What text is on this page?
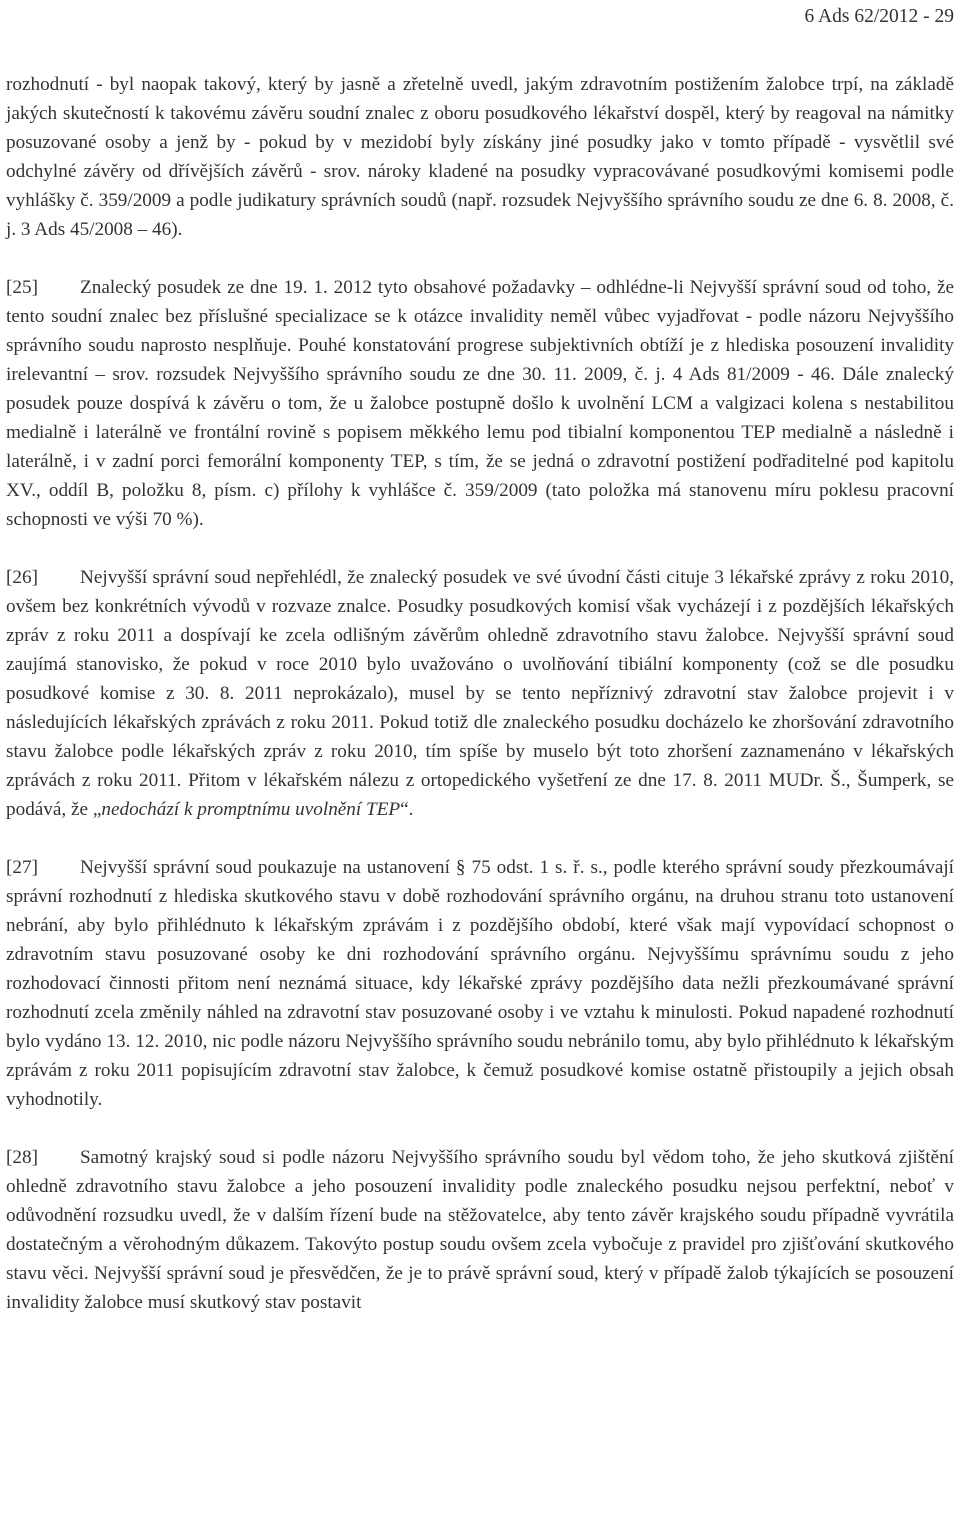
6 Ads 62/2012 - 29

rozhodnutí - byl naopak takový, který by jasně a zřetelně uvedl, jakým zdravotním postižením žalobce trpí, na základě jakých skutečností k takovému závěru soudní znalec z oboru posudkového lékařství dospěl, který by reagoval na námitky posuzované osoby a jenž by - pokud by v mezidobí byly získány jiné posudky jako v tomto případě - vysvětlil své odchylné závěry od dřívějších závěrů - srov. nároky kladené na posudky vypracovávané posudkovými komisemi podle vyhlášky č. 359/2009 a podle judikatury správních soudů (např. rozsudek Nejvyššího správního soudu ze dne 6. 8. 2008, č. j. 3 Ads 45/2008 – 46).

[25] Znalecký posudek ze dne 19. 1. 2012 tyto obsahové požadavky – odhlédne-li Nejvyšší správní soud od toho, že tento soudní znalec bez příslušné specializace se k otázce invalidity neměl vůbec vyjadřovat - podle názoru Nejvyššího správního soudu naprosto nesplňuje. Pouhé konstatování progrese subjektivních obtíží je z hlediska posouzení invalidity irelevantní – srov. rozsudek Nejvyššího správního soudu ze dne 30. 11. 2009, č. j. 4 Ads 81/2009 - 46. Dále znalecký posudek pouze dospívá k závěru o tom, že u žalobce postupně došlo k uvolnění LCM a valgizaci kolena s nestabilitou medialně i laterálně ve frontální rovině s popisem měkkého lemu pod tibialní komponentou TEP medialně a následně i laterálně, i v zadní porci femorální komponenty TEP, s tím, že se jedná o zdravotní postižení podřaditelné pod kapitolu XV., oddíl B, položku 8, písm. c) přílohy k vyhlášce č. 359/2009 (tato položka má stanovenu míru poklesu pracovní schopnosti ve výši 70 %).

[26] Nejvyšší správní soud nepřehlédl, že znalecký posudek ve své úvodní části cituje 3 lékařské zprávy z roku 2010, ovšem bez konkrétních vývodů v rozvaze znalce. Posudky posudkových komisí však vycházejí i z pozdějších lékařských zpráv z roku 2011 a dospívají ke zcela odlišným závěrům ohledně zdravotního stavu žalobce. Nejvyšší správní soud zaujímá stanovisko, že pokud v roce 2010 bylo uvažováno o uvolňování tibiální komponenty (což se dle posudku posudkové komise z 30. 8. 2011 neprokázalo), musel by se tento nepříznivý zdravotní stav žalobce projevit i v následujících lékařských zprávách z roku 2011. Pokud totiž dle znaleckého posudku docházelo ke zhoršování zdravotního stavu žalobce podle lékařských zpráv z roku 2010, tím spíše by muselo být toto zhoršení zaznamenáno v lékařských zprávách z roku 2011. Přitom v lékařském nálezu z ortopedického vyšetření ze dne 17. 8. 2011 MUDr. Š., Šumperk, se podává, že „nedochází k promptnímu uvolnění TEP“.

[27] Nejvyšší správní soud poukazuje na ustanovení § 75 odst. 1 s. ř. s., podle kterého správní soudy přezkoumávají správní rozhodnutí z hlediska skutkového stavu v době rozhodování správního orgánu, na druhou stranu toto ustanovení nebrání, aby bylo přihlédnuto k lékařským zprávám i z pozdějšího období, které však mají vypovídací schopnost o zdravotním stavu posuzované osoby ke dni rozhodování správního orgánu. Nejvyššímu správnímu soudu z jeho rozhodovací činnosti přitom není neznámá situace, kdy lékařské zprávy pozdějšího data nežli přezkoumávané správní rozhodnutí zcela změnily náhled na zdravotní stav posuzované osoby i ve vztahu k minulosti. Pokud napadené rozhodnutí bylo vydáno 13. 12. 2010, nic podle názoru Nejvyššího správního soudu nebránilo tomu, aby bylo přihlédnuto k lékařským zprávám z roku 2011 popisujícím zdravotní stav žalobce, k čemuž posudkové komise ostatně přistoupily a jejich obsah vyhodnotily.

[28] Samotný krajský soud si podle názoru Nejvyššího správního soudu byl vědom toho, že jeho skutková zjištění ohledně zdravotního stavu žalobce a jeho posouzení invalidity podle znaleckého posudku nejsou perfektní, neboť v odůvodnění rozsudku uvedl, že v dalším řízení bude na stěžovatelce, aby tento závěr krajského soudu případně vyvrátila dostatečným a věrohodným důkazem. Takovýto postup soudu ovšem zcela vybočuje z pravidel pro zjišťování skutkového stavu věci. Nejvyšší správní soud je přesvědčen, že je to právě správní soud, který v případě žalob týkajících se posouzení invalidity žalobce musí skutkový stav postavit
